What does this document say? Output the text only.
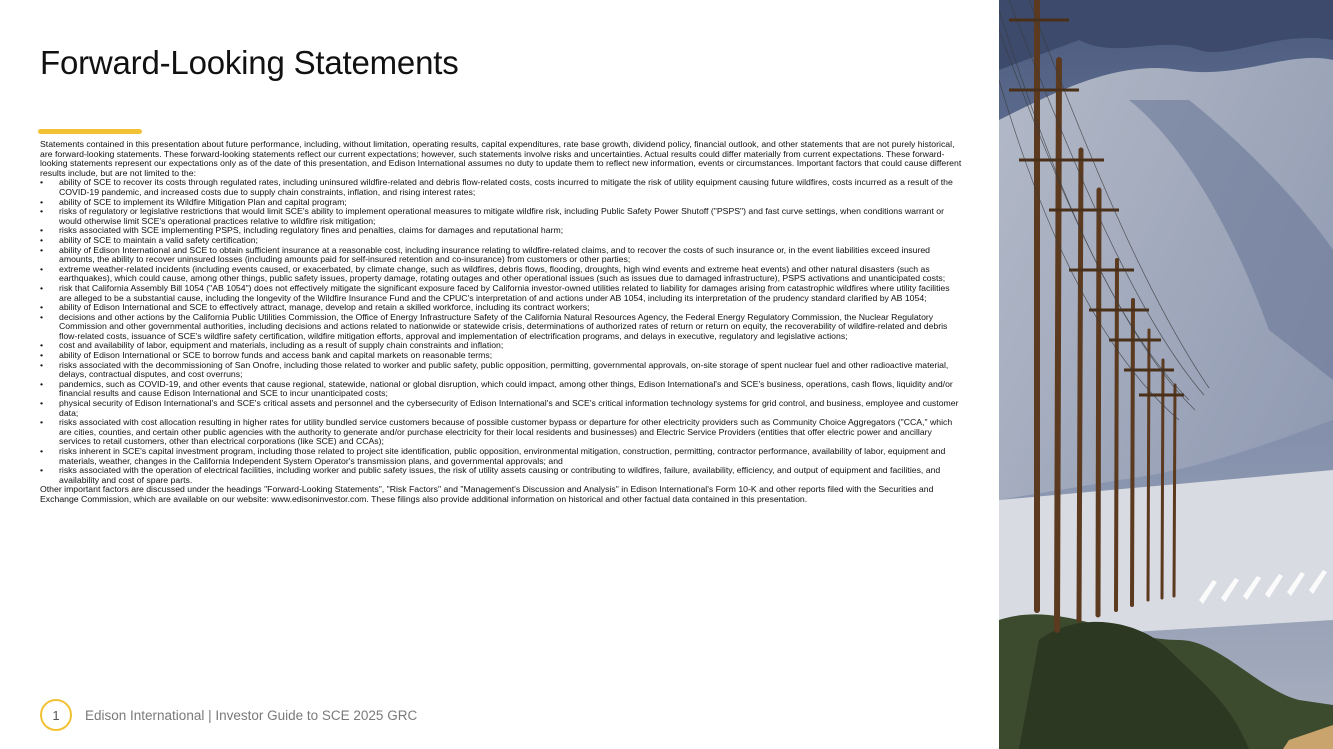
Forward-Looking Statements

Statements contained in this presentation about future performance, including, without limitation, operating results, capital expenditures, rate base growth, dividend policy, financial outlook, and other statements that are not purely historical, are forward-looking statements. These forward-looking statements reflect our current expectations; however, such statements involve risks and uncertainties. Actual results could differ materially from current expectations. These forward-looking statements represent our expectations only as of the date of this presentation, and Edison International assumes no duty to update them to reflect new information, events or circumstances. Important factors that could cause different results include, but are not limited to the:

• ability of SCE to recover its costs through regulated rates, including uninsured wildfire-related and debris flow-related costs, costs incurred to mitigate the risk of utility equipment causing future wildfires, costs incurred as a result of the COVID-19 pandemic, and increased costs due to supply chain constraints, inflation, and rising interest rates;
• ability of SCE to implement its Wildfire Mitigation Plan and capital program;
• risks of regulatory or legislative restrictions that would limit SCE's ability to implement operational measures to mitigate wildfire risk, including Public Safety Power Shutoff ("PSPS") and fast curve settings, when conditions warrant or would otherwise limit SCE's operational practices relative to wildfire risk mitigation;
• risks associated with SCE implementing PSPS, including regulatory fines and penalties, claims for damages and reputational harm;
• ability of SCE to maintain a valid safety certification;
• ability of Edison International and SCE to obtain sufficient insurance at a reasonable cost, including insurance relating to wildfire-related claims, and to recover the costs of such insurance or, in the event liabilities exceed insured amounts, the ability to recover uninsured losses (including amounts paid for self-insured retention and co-insurance) from customers or other parties;
• extreme weather-related incidents (including events caused, or exacerbated, by climate change, such as wildfires, debris flows, flooding, droughts, high wind events and extreme heat events) and other natural disasters (such as earthquakes), which could cause, among other things, public safety issues, property damage, rotating outages and other operational issues (such as issues due to damaged infrastructure), PSPS activations and unanticipated costs;
• risk that California Assembly Bill 1054 ("AB 1054") does not effectively mitigate the significant exposure faced by California investor-owned utilities related to liability for damages arising from catastrophic wildfires where utility facilities are alleged to be a substantial cause, including the longevity of the Wildfire Insurance Fund and the CPUC's interpretation of and actions under AB 1054, including its interpretation of the prudency standard clarified by AB 1054;
• ability of Edison International and SCE to effectively attract, manage, develop and retain a skilled workforce, including its contract workers;
• decisions and other actions by the California Public Utilities Commission, the Office of Energy Infrastructure Safety of the California Natural Resources Agency, the Federal Energy Regulatory Commission, the Nuclear Regulatory Commission and other governmental authorities, including decisions and actions related to nationwide or statewide crisis, determinations of authorized rates of return or return on equity, the recoverability of wildfire-related and debris flow-related costs, issuance of SCE's wildfire safety certification, wildfire mitigation efforts, approval and implementation of electrification programs, and delays in executive, regulatory and legislative actions;
• cost and availability of labor, equipment and materials, including as a result of supply chain constraints and inflation;
• ability of Edison International or SCE to borrow funds and access bank and capital markets on reasonable terms;
• risks associated with the decommissioning of San Onofre, including those related to worker and public safety, public opposition, permitting, governmental approvals, on-site storage of spent nuclear fuel and other radioactive material, delays, contractual disputes, and cost overruns;
• pandemics, such as COVID-19, and other events that cause regional, statewide, national or global disruption, which could impact, among other things, Edison International's and SCE's business, operations, cash flows, liquidity and/or financial results and cause Edison International and SCE to incur unanticipated costs;
• physical security of Edison International's and SCE's critical assets and personnel and the cybersecurity of Edison International's and SCE's critical information technology systems for grid control, and business, employee and customer data;
• risks associated with cost allocation resulting in higher rates for utility bundled service customers because of possible customer bypass or departure for other electricity providers such as Community Choice Aggregators ("CCA," which are cities, counties, and certain other public agencies with the authority to generate and/or purchase electricity for their local residents and businesses) and Electric Service Providers (entities that offer electric power and ancillary services to retail customers, other than electrical corporations (like SCE) and CCAs);
• risks inherent in SCE's capital investment program, including those related to project site identification, public opposition, environmental mitigation, construction, permitting, contractor performance, availability of labor, equipment and materials, weather, changes in the California Independent System Operator's transmission plans, and governmental approvals; and
• risks associated with the operation of electrical facilities, including worker and public safety issues, the risk of utility assets causing or contributing to wildfires, failure, availability, efficiency, and output of equipment and facilities, and availability and cost of spare parts.

Other important factors are discussed under the headings "Forward-Looking Statements", "Risk Factors" and "Management's Discussion and Analysis" in Edison International's Form 10-K and other reports filed with the Securities and Exchange Commission, which are available on our website: www.edisoninvestor.com. These filings also provide additional information on historical and other factual data contained in this presentation.

1	Edison International | Investor Guide to SCE 2025 GRC
